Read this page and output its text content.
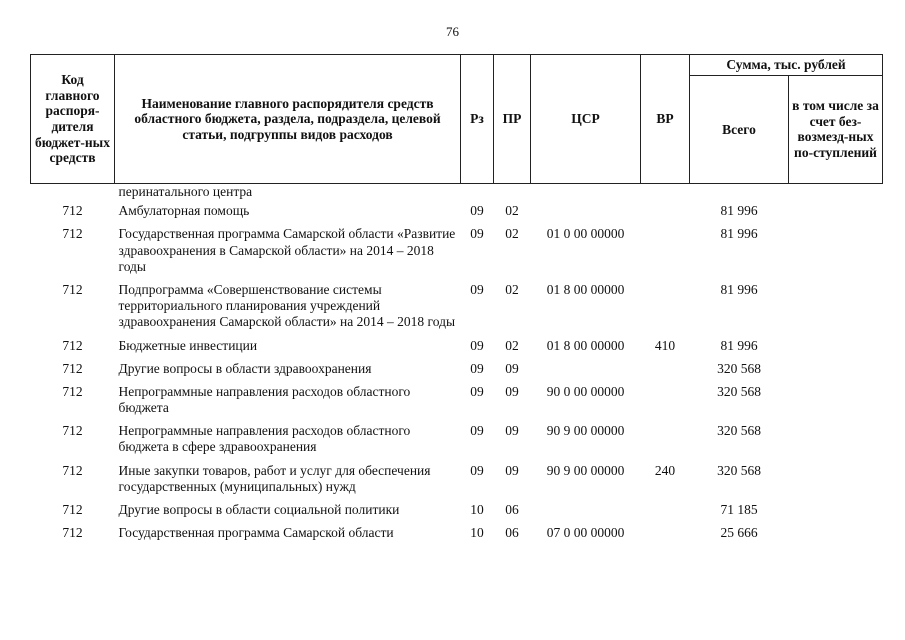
76
Код главного распоря-дителя бюджет-ных средств	Наименование главного распорядителя средств областного бюджета, раздела, подраздела, целевой статьи, подгруппы видов расходов	Рз	ПР	ЦСР	ВР	Сумма, тыс. рублей	
						Всего	в том числе за счет без-возмезд-ных по-ступлений
	перинатального центра						
712	Амбулаторная помощь	09	02			81 996	
712	Государственная программа Самарской области «Развитие здравоохранения в Самарской области» на 2014 – 2018 годы	09	02	01 0 00 00000		81 996	
712	Подпрограмма «Совершенствование системы территориального планирования учреждений здравоохранения Самарской области» на 2014 – 2018 годы	09	02	01 8 00 00000		81 996	
712	Бюджетные инвестиции	09	02	01 8 00 00000	410	81 996	
712	Другие вопросы в области здравоохранения	09	09			320 568	
712	Непрограммные направления расходов областного бюджета	09	09	90 0 00 00000		320 568	
712	Непрограммные направления расходов областного бюджета в сфере здравоохранения	09	09	90 9 00 00000		320 568	
712	Иные закупки товаров, работ и услуг для обеспечения государственных (муниципальных) нужд	09	09	90 9 00 00000	240	320 568	
712	Другие вопросы в области социальной политики	10	06			71 185	
712	Государственная программа Самарской области	10	06	07 0 00 00000		25 666	
